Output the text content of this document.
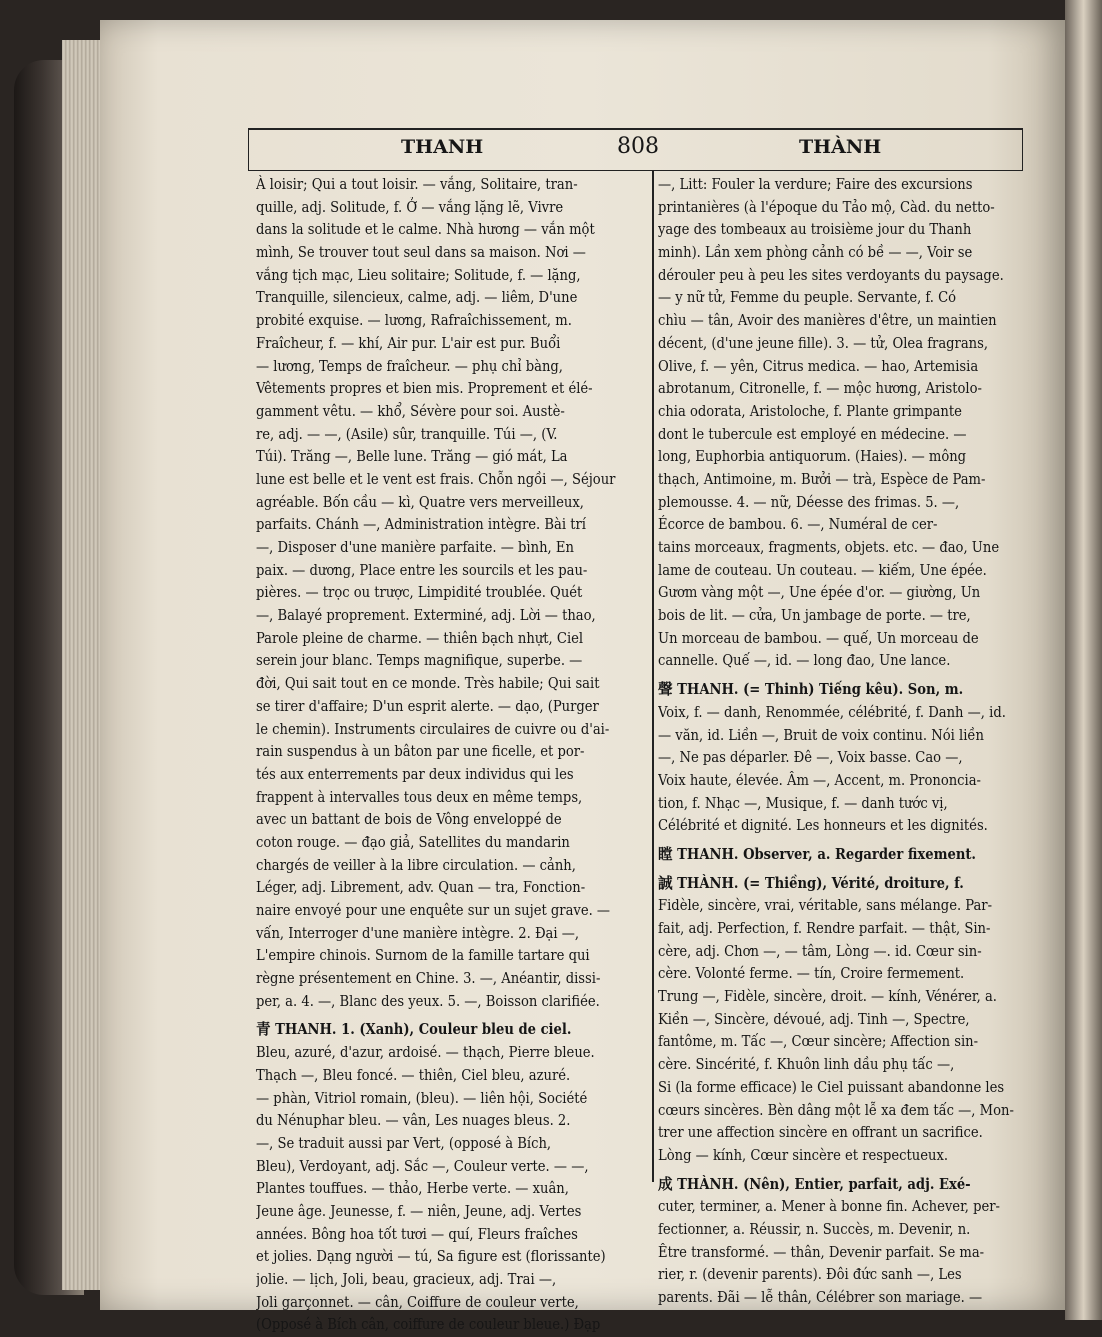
THANH	808	THÀNH
À loisir; Qui a tout loisir. — vắng, Solitaire, tran-
quille, adj. Solitude, f. Ở — vắng lặng lẽ, Vivre
dans la solitude et le calme. Nhà hương — vắn một
mình, Se trouver tout seul dans sa maison. Nơi —
vắng tịch mạc, Lieu solitaire; Solitude, f. — lặng,
Tranquille, silencieux, calme, adj. — liêm, D'une
probité exquise. — lương, Rafraîchissement, m.
Fraîcheur, f. — khí, Air pur. L'air est pur. Buổi
— lương, Temps de fraîcheur. — phụ chỉ bàng,
Vêtements propres et bien mis. Proprement et élé-
gamment vêtu. — khổ, Sévère pour soi. Austè-
re, adj. — —, (Asile) sûr, tranquille. Túi —, (V.
Túi). Trăng —, Belle lune. Trăng — gió mát, La
lune est belle et le vent est frais. Chỗn ngồi —, Séjour
agréable. Bốn cầu — kì, Quatre vers merveilleux,
parfaits. Chánh —, Administration intègre. Bài trí
—, Disposer d'une manière parfaite. — bình, En
paix. — dương, Place entre les sourcils et les pau-
pières. — trọc ou trược, Limpidité troublée. Quét
—, Balayé proprement. Exterminé, adj. Lời — thao,
Parole pleine de charme. — thiên bạch nhựt, Ciel
serein jour blanc. Temps magnifique, superbe. —
đời, Qui sait tout en ce monde. Très habile; Qui sait
se tirer d'affaire; D'un esprit alerte. — dạo, (Purger
le chemin). Instruments circulaires de cuivre ou d'ai-
rain suspendus à un bâton par une ficelle, et por-
tés aux enterrements par deux individus qui les
frappent à intervalles tous deux en même temps,
avec un battant de bois de Vông enveloppé de
coton rouge. — đạo giả, Satellites du mandarin
chargés de veiller à la libre circulation. — cảnh,
Léger, adj. Librement, adv. Quan — tra, Fonction-
naire envoyé pour une enquête sur un sujet grave. —
vấn, Interroger d'une manière intègre. 2. Đại —,
L'empire chinois. Surnom de la famille tartare qui
règne présentement en Chine. 3. —, Anéantir, dissi-
per, a. 4. —, Blanc des yeux. 5. —, Boisson clarifiée.
青 THANH. 1. (Xanh), Couleur bleu de ciel.
Bleu, azuré, d'azur, ardoisé. — thạch, Pierre bleue.
Thạch —, Bleu foncé. — thiên, Ciel bleu, azuré.
— phàn, Vitriol romain, (bleu). — liên hội, Société
du Nénuphar bleu. — vân, Les nuages bleus. 2.
—, Se traduit aussi par Vert, (opposé à Bích,
Bleu), Verdoyant, adj. Sắc —, Couleur verte. — —,
Plantes touffues. — thảo, Herbe verte. — xuân,
Jeune âge. Jeunesse, f. — niên, Jeune, adj. Vertes
années. Bông hoa tốt tươi — quí, Fleurs fraîches
et jolies. Dạng người — tú, Sa figure est (florissante)
jolie. — lịch, Joli, beau, gracieux, adj. Trai —,
Joli garçonnet. — cân, Coiffure de couleur verte,
(Opposé à Bích cân, coiffure de couleur bleue.) Đạp
—, Litt: Fouler la verdure; Faire des excursions
printanières (à l'époque du Tảo mộ, Càd. du netto-
yage des tombeaux au troisième jour du Thanh
minh). Lần xem phòng cảnh có bề — —, Voir se
dérouler peu à peu les sites verdoyants du paysage.
— y nữ tử, Femme du peuple. Servante, f. Có
chìu — tân, Avoir des manières d'être, un maintien
décent, (d'une jeune fille). 3. — tử, Olea fragrans,
Olive, f. — yên, Citrus medica. — hao, Artemisia
abrotanum, Citronelle, f. — mộc hương, Aristolo-
chia odorata, Aristoloche, f. Plante grimpante
dont le tubercule est employé en médecine. —
long, Euphorbia antiquorum. (Haies). — mông
thạch, Antimoine, m. Bưởi — trà, Espèce de Pam-
plemousse. 4. — nữ, Déesse des frimas. 5. —,
Écorce de bambou. 6. —, Numéral de cer-
tains morceaux, fragments, objets. etc. — đao, Une
lame de couteau. Un couteau. — kiếm, Une épée.
Gươm vàng một —, Une épée d'or. — giường, Un
bois de lit. — cửa, Un jambage de porte. — tre,
Un morceau de bambou. — quế, Un morceau de
cannelle. Quế —, id. — long đao, Une lance.
聲 THANH. (= Thinh) Tiếng kêu). Son, m.
Voix, f. — danh, Renommée, célébrité, f. Danh —, id.
— văn, id. Liền —, Bruit de voix continu. Nói liền
—, Ne pas déparler. Đê —, Voix basse. Cao —,
Voix haute, élevée. Âm —, Accent, m. Prononcia-
tion, f. Nhạc —, Musique, f. — danh tước vị,
Célébrité et dignité. Les honneurs et les dignités.
瞠 THANH. Observer, a. Regarder fixement.
誠 THÀNH. (= Thiềng), Vérité, droiture, f.
Fidèle, sincère, vrai, véritable, sans mélange. Par-
fait, adj. Perfection, f. Rendre parfait. — thật, Sin-
cère, adj. Chơn —, — tâm, Lòng —. id. Cœur sin-
cère. Volonté ferme. — tín, Croire fermement.
Trung —, Fidèle, sincère, droit. — kính, Vénérer, a.
Kiền —, Sincère, dévoué, adj. Tinh —, Spectre,
fantôme, m. Tấc —, Cœur sincère; Affection sin-
cère. Sincérité, f. Khuôn linh dầu phụ tấc —,
Si (la forme efficace) le Ciel puissant abandonne les
cœurs sincères. Bèn dâng một lễ xa đem tấc —, Mon-
trer une affection sincère en offrant un sacrifice.
Lòng — kính, Cœur sincère et respectueux.
成 THÀNH. (Nên), Entier, parfait, adj. Exé-
cuter, terminer, a. Mener à bonne fin. Achever, per-
fectionner, a. Réussir, n. Succès, m. Devenir, n.
Être transformé. — thân, Devenir parfait. Se ma-
rier, r. (devenir parents). Đôi đức sanh —, Les
parents. Đãi — lễ thân, Célébrer son mariage. —
